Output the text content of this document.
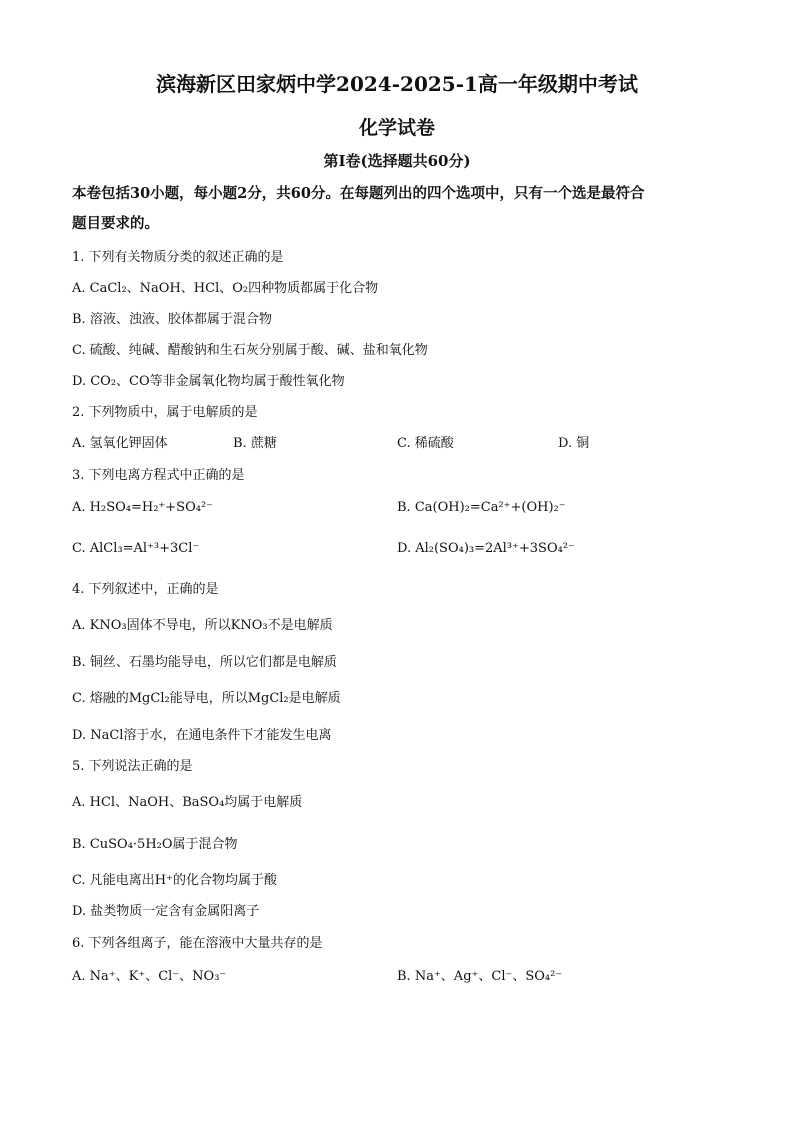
滨海新区田家炳中学2024-2025-1高一年级期中考试
化学试卷
第Ⅰ卷(选择题共60分)
本卷包括30小题，每小题2分，共60分。在每题列出的四个选项中，只有一个选是最符合
题目要求的。
1. 下列有关物质分类的叙述正确的是
A. CaCl₂、NaOH、HCl、O₂四种物质都属于化合物
B. 溶液、浊液、胶体都属于混合物
C. 硫酸、纯碱、醋酸钠和生石灰分别属于酸、碱、盐和氧化物
D. CO₂、CO等非金属氧化物均属于酸性氧化物
2. 下列物质中，属于电解质的是
A. 氢氧化钾固体	B. 蔗糖	C. 稀硫酸	D. 铜
3. 下列电离方程式中正确的是
A. H₂SO₄=H₂⁺+SO₄²⁻	B. Ca(OH)₂=Ca²⁺+(OH)₂⁻
C. AlCl₃=Al⁺³+3Cl⁻	D. Al₂(SO₄)₃=2Al³⁺+3SO₄²⁻
4. 下列叙述中，正确的是
A. KNO₃固体不导电，所以KNO₃不是电解质
B. 铜丝、石墨均能导电，所以它们都是电解质
C. 熔融的MgCl₂能导电，所以MgCl₂是电解质
D. NaCl溶于水，在通电条件下才能发生电离
5. 下列说法正确的是
A. HCl、NaOH、BaSO₄均属于电解质
B. CuSO₄·5H₂O属于混合物
C. 凡能电离出H⁺的化合物均属于酸
D. 盐类物质一定含有金属阳离子
6. 下列各组离子，能在溶液中大量共存的是
A. Na⁺、K⁺、Cl⁻、NO₃⁻	B. Na⁺、Ag⁺、Cl⁻、SO₄²⁻
